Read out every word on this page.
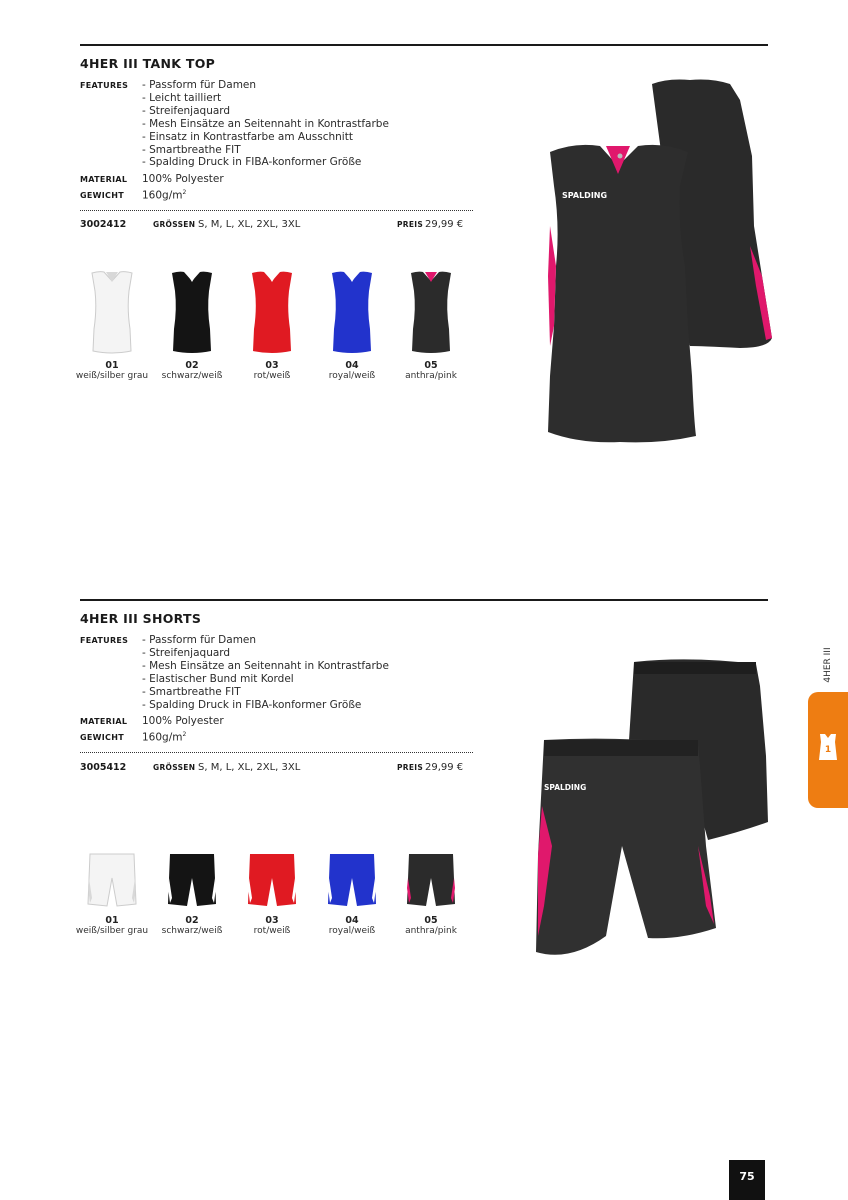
4HER III TANK TOP
FEATURES - Passform für Damen
- Leicht tailliert
- Streifenjaquard
- Mesh Einsätze an Seitennaht in Kontrastfarbe
- Einsatz in Kontrastfarbe am Ausschnitt
- Smartbreathe FIT
- Spalding Druck in FIBA-konformer Größe
MATERIAL 100% Polyester
GEWICHT $160g/m^2$
3002412	GRÖSSEN S, M, L, XL, 2XL, 3XL	PREIS 29,99 €
01
weiß/silber grau
02
schwarz/weiß
03
rot/weiß
04
royal/weiß
05
anthra/pink
SPALDING
4HER III SHORTS
FEATURES - Passform für Damen
- Streifenjaquard
- Mesh Einsätze an Seitennaht in Kontrastfarbe
- Elastischer Bund mit Kordel
- Smartbreathe FIT
- Spalding Druck in FIBA-konformer Größe
MATERIAL 100% Polyester
GEWICHT $160g/m^2$
3005412	GRÖSSEN S, M, L, XL, 2XL, 3XL	PREIS 29,99 €
01
weiß/silber grau
02
schwarz/weiß
03
rot/weiß
04
royal/weiß
05
anthra/pink
SPALDING
4HER III
1
75
